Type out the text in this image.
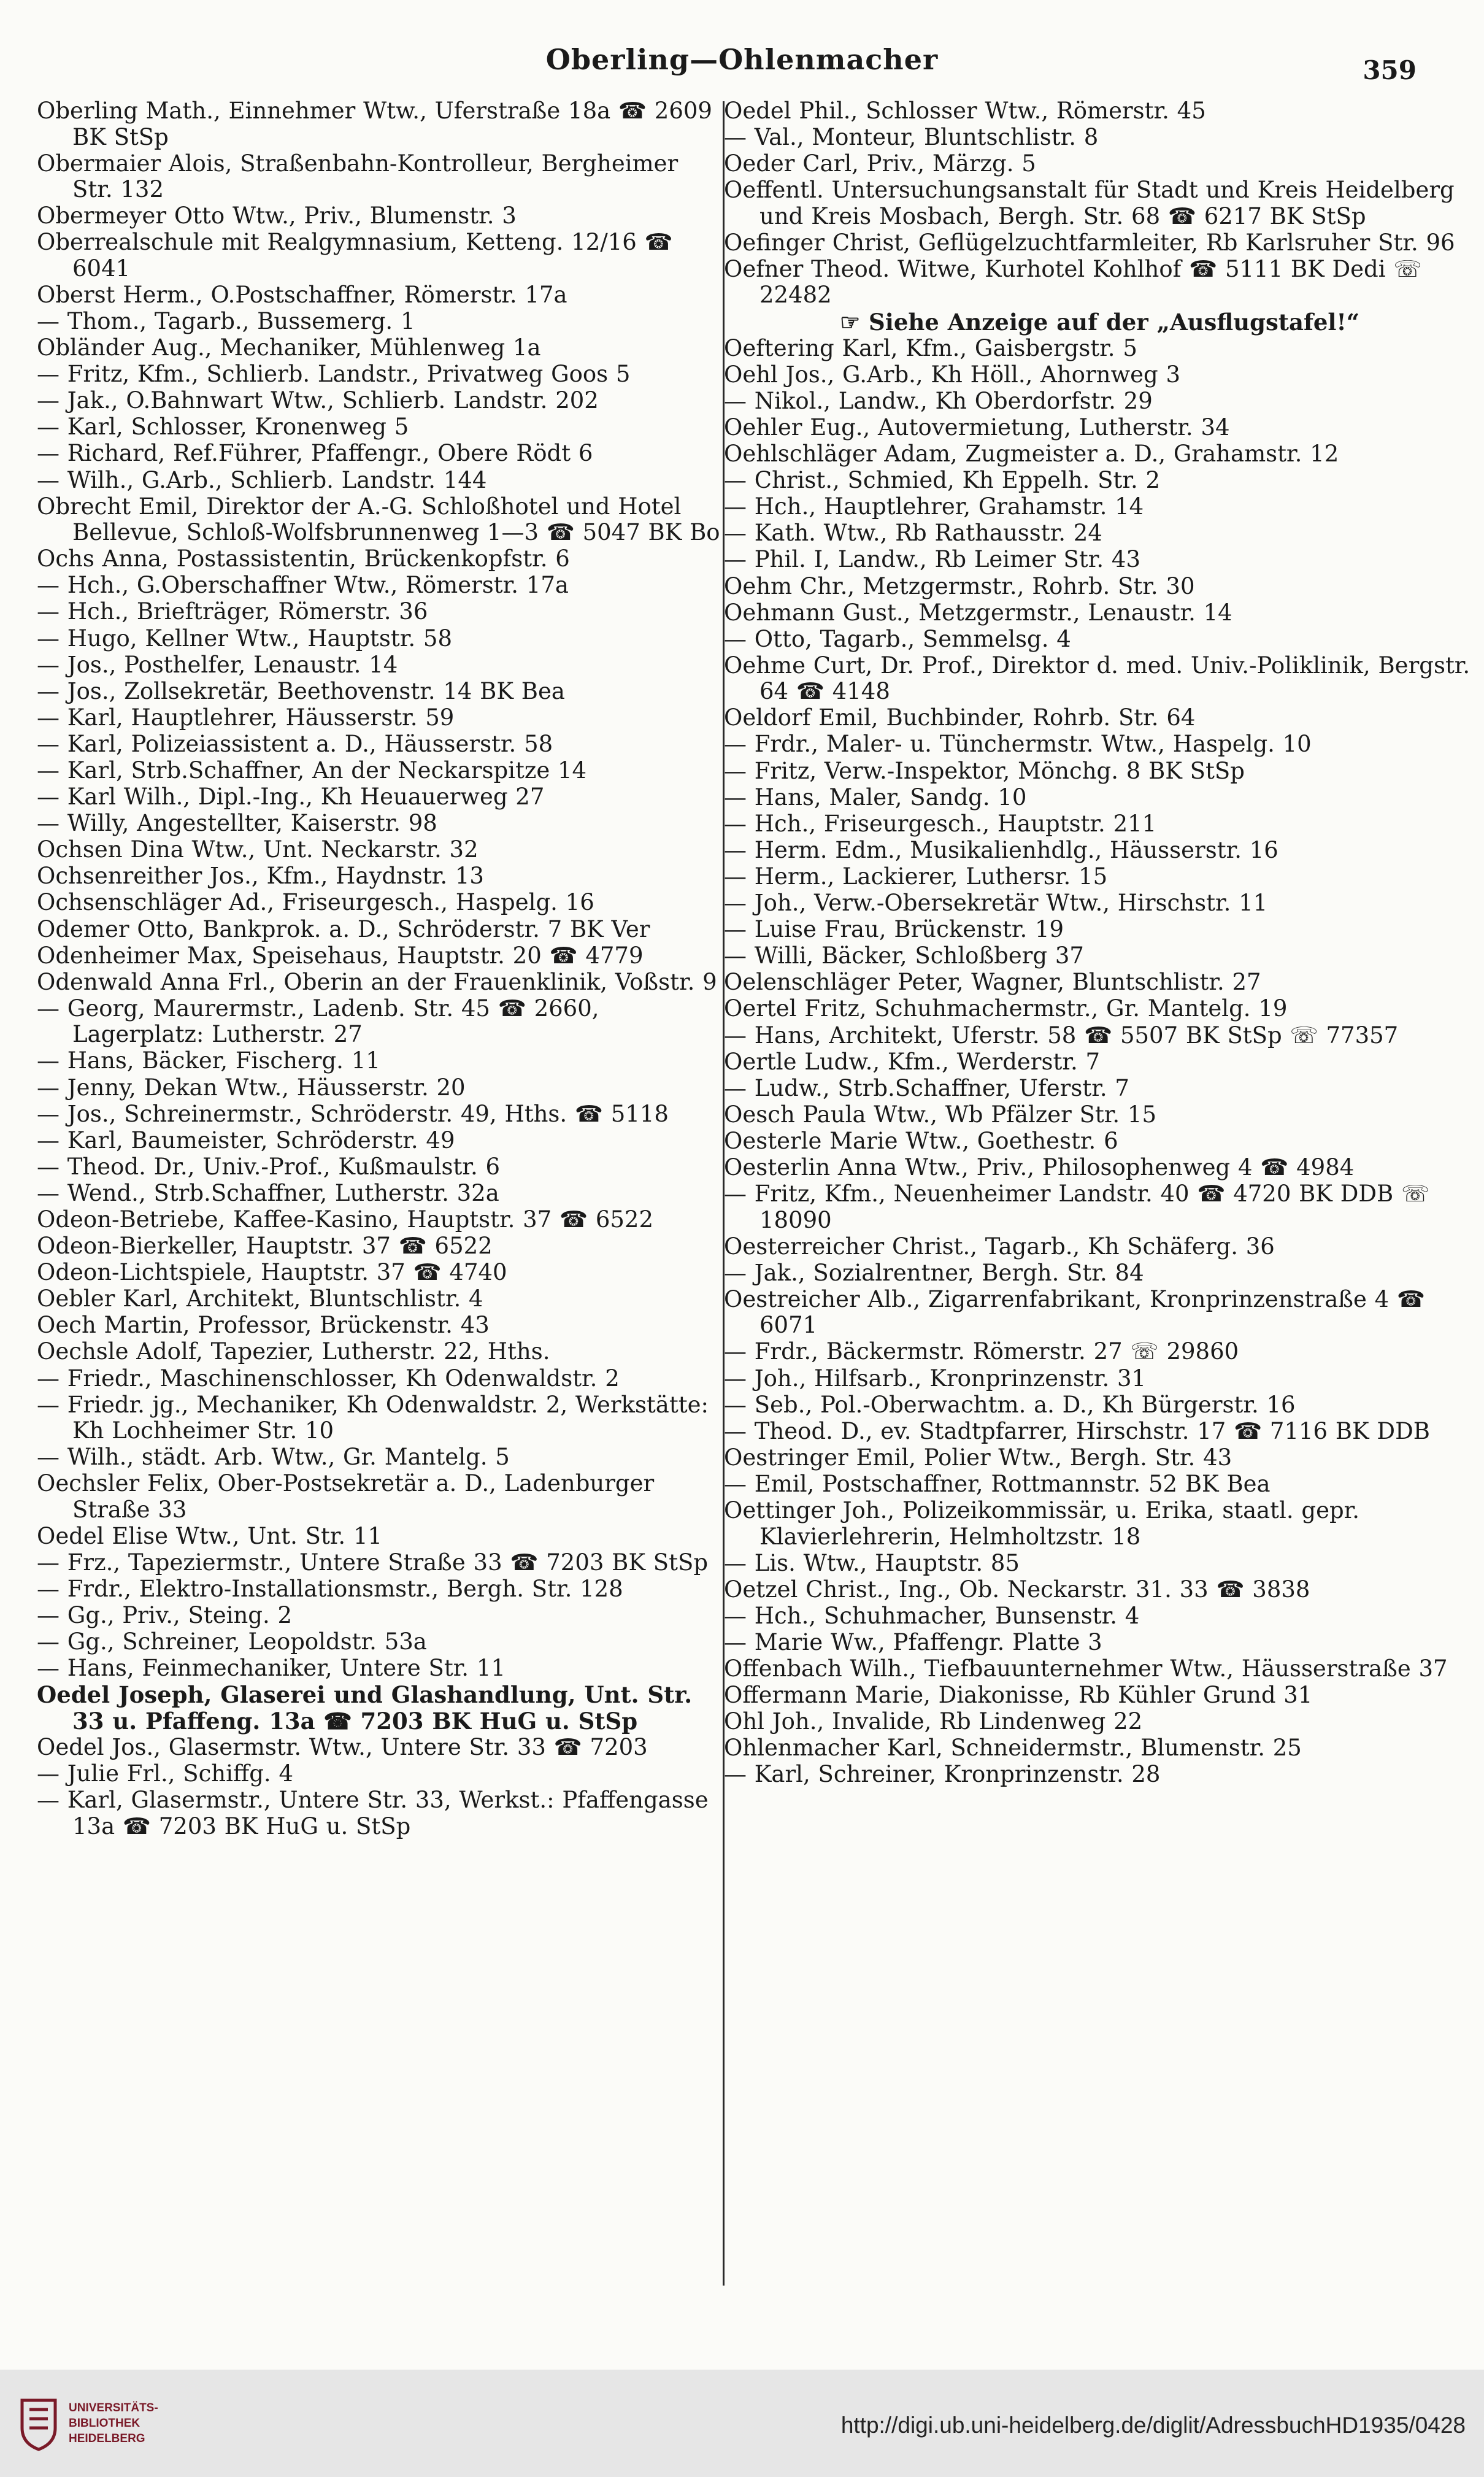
Oberling—Ohlenmacher	359
Oberling Math., Einnehmer Wtw., Uferstraße 18a ☎ 2609 BK StSp
Obermaier Alois, Straßenbahn-Kontrolleur, Bergheimer Str. 132
Obermeyer Otto Wtw., Priv., Blumenstr. 3
Oberrealschule mit Realgymnasium, Ketteng. 12/16 ☎ 6041
Oberst Herm., O.Postschaffner, Römerstr. 17a
— Thom., Tagarb., Bussemerg. 1
Obländer Aug., Mechaniker, Mühlenweg 1a
— Fritz, Kfm., Schlierb. Landstr., Privatweg Goos 5
— Jak., O.Bahnwart Wtw., Schlierb. Landstr. 202
— Karl, Schlosser, Kronenweg 5
— Richard, Ref.Führer, Pfaffengr., Obere Rödt 6
— Wilh., G.Arb., Schlierb. Landstr. 144
Obrecht Emil, Direktor der A.-G. Schloßhotel und Hotel Bellevue, Schloß-Wolfsbrunnenweg 1—3 ☎ 5047 BK Bo
Ochs Anna, Postassistentin, Brückenkopfstr. 6
— Hch., G.Oberschaffner Wtw., Römerstr. 17a
— Hch., Briefträger, Römerstr. 36
— Hugo, Kellner Wtw., Hauptstr. 58
— Jos., Posthelfer, Lenaustr. 14
— Jos., Zollsekretär, Beethovenstr. 14 BK Bea
— Karl, Hauptlehrer, Häusserstr. 59
— Karl, Polizeiassistent a. D., Häusserstr. 58
— Karl, Strb.Schaffner, An der Neckarspitze 14
— Karl Wilh., Dipl.-Ing., Kh Heuauerweg 27
— Willy, Angestellter, Kaiserstr. 98
Ochsen Dina Wtw., Unt. Neckarstr. 32
Ochsenreither Jos., Kfm., Haydnstr. 13
Ochsenschläger Ad., Friseurgesch., Haspelg. 16
Odemer Otto, Bankprok. a. D., Schröderstr. 7 BK Ver
Odenheimer Max, Speisehaus, Hauptstr. 20 ☎ 4779
Odenwald Anna Frl., Oberin an der Frauenklinik, Voßstr. 9
— Georg, Maurermstr., Ladenb. Str. 45 ☎ 2660, Lagerplatz: Lutherstr. 27
— Hans, Bäcker, Fischerg. 11
— Jenny, Dekan Wtw., Häusserstr. 20
— Jos., Schreinermstr., Schröderstr. 49, Hths. ☎ 5118
— Karl, Baumeister, Schröderstr. 49
— Theod. Dr., Univ.-Prof., Kußmaulstr. 6
— Wend., Strb.Schaffner, Lutherstr. 32a
Odeon-Betriebe, Kaffee-Kasino, Hauptstr. 37 ☎ 6522
Odeon-Bierkeller, Hauptstr. 37 ☎ 6522
Odeon-Lichtspiele, Hauptstr. 37 ☎ 4740
Oebler Karl, Architekt, Bluntschlistr. 4
Oech Martin, Professor, Brückenstr. 43
Oechsle Adolf, Tapezier, Lutherstr. 22, Hths.
— Friedr., Maschinenschlosser, Kh Odenwaldstr. 2
— Friedr. jg., Mechaniker, Kh Odenwaldstr. 2, Werkstätte: Kh Lochheimer Str. 10
— Wilh., städt. Arb. Wtw., Gr. Mantelg. 5
Oechsler Felix, Ober-Postsekretär a. D., Ladenburger Straße 33
Oedel Elise Wtw., Unt. Str. 11
— Frz., Tapeziermstr., Untere Straße 33 ☎ 7203 BK StSp
— Frdr., Elektro-Installationsmstr., Bergh. Str. 128
— Gg., Priv., Steing. 2
— Gg., Schreiner, Leopoldstr. 53a
— Hans, Feinmechaniker, Untere Str. 11
Oedel Joseph, Glaserei und Glashandlung, Unt. Str. 33 u. Pfaffeng. 13a ☎ 7203 BK HuG u. StSp
Oedel Jos., Glasermstr. Wtw., Untere Str. 33 ☎ 7203
— Julie Frl., Schiffg. 4
— Karl, Glasermstr., Untere Str. 33, Werkst.: Pfaffengasse 13a ☎ 7203 BK HuG u. StSp
Oedel Phil., Schlosser Wtw., Römerstr. 45
— Val., Monteur, Bluntschlistr. 8
Oeder Carl, Priv., Märzg. 5
Oeffentl. Untersuchungsanstalt für Stadt und Kreis Heidelberg und Kreis Mosbach, Bergh. Str. 68 ☎ 6217 BK StSp
Oefinger Christ, Geflügelzuchtfarmleiter, Rb Karlsruher Str. 96
Oefner Theod. Witwe, Kurhotel Kohlhof ☎ 5111 BK Dedi ☏ 22482
☞ Siehe Anzeige auf der „Ausflugstafel!“
Oeftering Karl, Kfm., Gaisbergstr. 5
Oehl Jos., G.Arb., Kh Höll., Ahornweg 3
— Nikol., Landw., Kh Oberdorfstr. 29
Oehler Eug., Autovermietung, Lutherstr. 34
Oehlschläger Adam, Zugmeister a. D., Grahamstr. 12
— Christ., Schmied, Kh Eppelh. Str. 2
— Hch., Hauptlehrer, Grahamstr. 14
— Kath. Wtw., Rb Rathausstr. 24
— Phil. I, Landw., Rb Leimer Str. 43
Oehm Chr., Metzgermstr., Rohrb. Str. 30
Oehmann Gust., Metzgermstr., Lenaustr. 14
— Otto, Tagarb., Semmelsg. 4
Oehme Curt, Dr. Prof., Direktor d. med. Univ.-Poliklinik, Bergstr. 64 ☎ 4148
Oeldorf Emil, Buchbinder, Rohrb. Str. 64
— Frdr., Maler- u. Tünchermstr. Wtw., Haspelg. 10
— Fritz, Verw.-Inspektor, Mönchg. 8 BK StSp
— Hans, Maler, Sandg. 10
— Hch., Friseurgesch., Hauptstr. 211
— Herm. Edm., Musikalienhdlg., Häusserstr. 16
— Herm., Lackierer, Luthersr. 15
— Joh., Verw.-Obersekretär Wtw., Hirschstr. 11
— Luise Frau, Brückenstr. 19
— Willi, Bäcker, Schloßberg 37
Oelenschläger Peter, Wagner, Bluntschlistr. 27
Oertel Fritz, Schuhmachermstr., Gr. Mantelg. 19
— Hans, Architekt, Uferstr. 58 ☎ 5507 BK StSp ☏ 77357
Oertle Ludw., Kfm., Werderstr. 7
— Ludw., Strb.Schaffner, Uferstr. 7
Oesch Paula Wtw., Wb Pfälzer Str. 15
Oesterle Marie Wtw., Goethestr. 6
Oesterlin Anna Wtw., Priv., Philosophenweg 4 ☎ 4984
— Fritz, Kfm., Neuenheimer Landstr. 40 ☎ 4720 BK DDB ☏ 18090
Oesterreicher Christ., Tagarb., Kh Schäferg. 36
— Jak., Sozialrentner, Bergh. Str. 84
Oestreicher Alb., Zigarrenfabrikant, Kronprinzenstraße 4 ☎ 6071
— Frdr., Bäckermstr. Römerstr. 27 ☏ 29860
— Joh., Hilfsarb., Kronprinzenstr. 31
— Seb., Pol.-Oberwachtm. a. D., Kh Bürgerstr. 16
— Theod. D., ev. Stadtpfarrer, Hirschstr. 17 ☎ 7116 BK DDB
Oestringer Emil, Polier Wtw., Bergh. Str. 43
— Emil, Postschaffner, Rottmannstr. 52 BK Bea
Oettinger Joh., Polizeikommissär, u. Erika, staatl. gepr. Klavierlehrerin, Helmholtzstr. 18
— Lis. Wtw., Hauptstr. 85
Oetzel Christ., Ing., Ob. Neckarstr. 31. 33 ☎ 3838
— Hch., Schuhmacher, Bunsenstr. 4
— Marie Ww., Pfaffengr. Platte 3
Offenbach Wilh., Tiefbauunternehmer Wtw., Häusserstraße 37
Offermann Marie, Diakonisse, Rb Kühler Grund 31
Ohl Joh., Invalide, Rb Lindenweg 22
Ohlenmacher Karl, Schneidermstr., Blumenstr. 25
— Karl, Schreiner, Kronprinzenstr. 28
UNIVERSITÄTS-
BIBLIOTHEK
HEIDELBERG
http://digi.ub.uni-heidelberg.de/diglit/AdressbuchHD1935/0428
